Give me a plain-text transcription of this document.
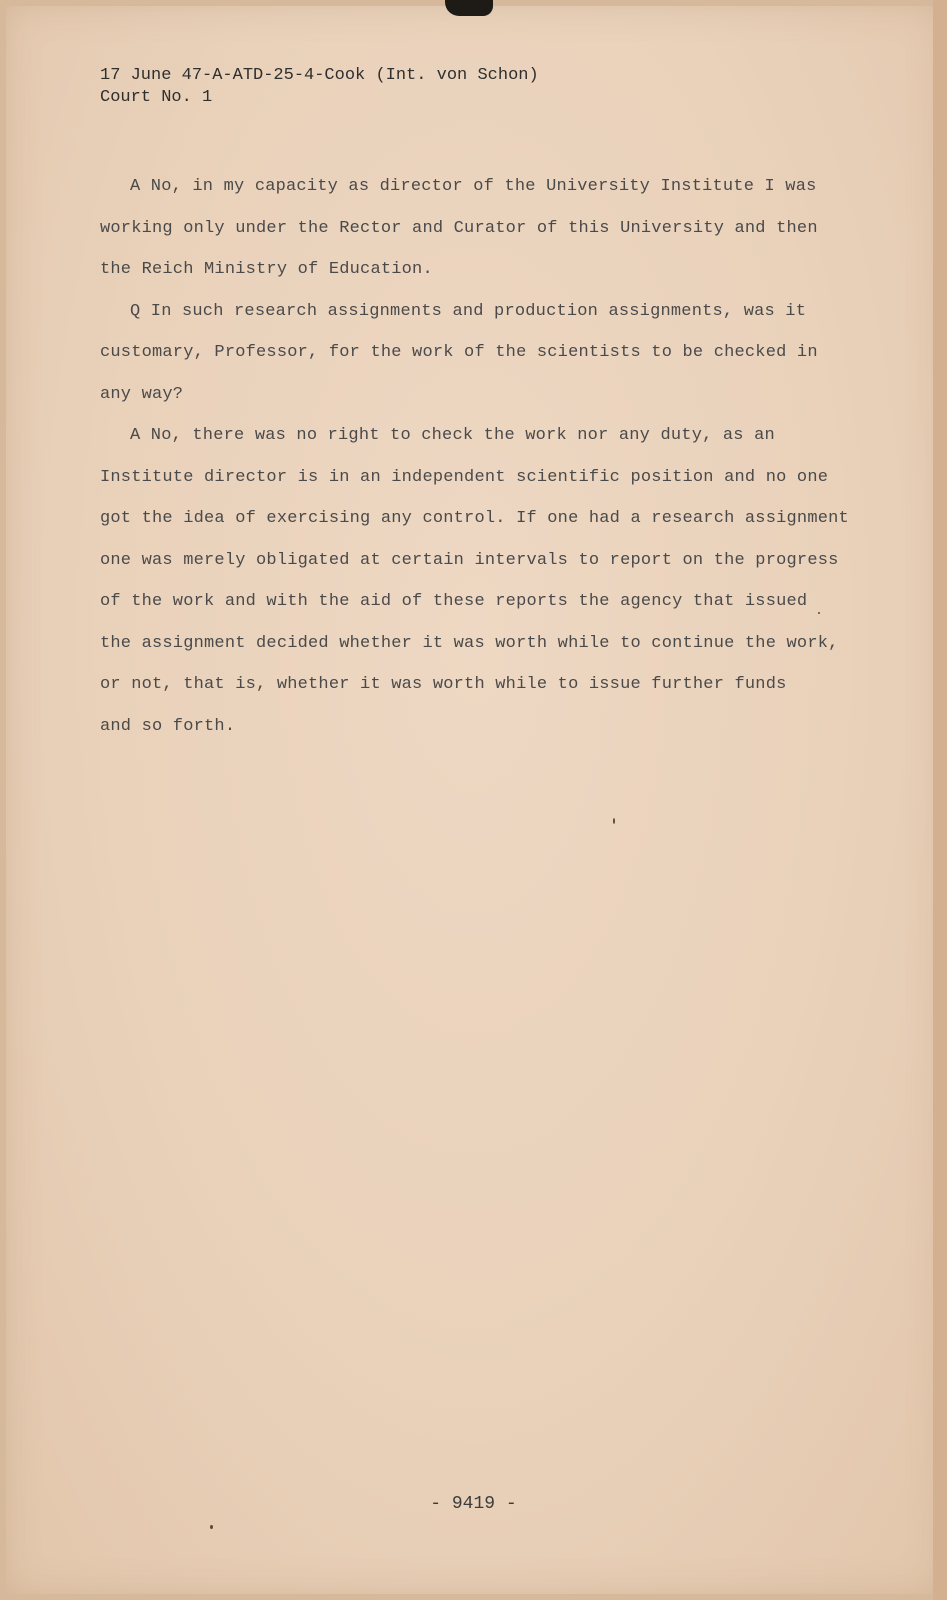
17 June 47-A-ATD-25-4-Cook (Int. von Schon)
Court No. 1

A No, in my capacity as director of the University Institute I was
working only under the Rector and Curator of this University and then
the Reich Ministry of Education.

Q In such research assignments and production assignments, was it
customary, Professor, for the work of the scientists to be checked in
any way?

A No, there was no right to check the work nor any duty, as an
Institute director is in an independent scientific position and no one
got the idea of exercising any control. If one had a research assignment
one was merely obligated at certain intervals to report on the progress
of the work and with the aid of these reports the agency that issued
the assignment decided whether it was worth while to continue the work,
or not, that is, whether it was worth while to issue further funds
and so forth.

- 9419 -
